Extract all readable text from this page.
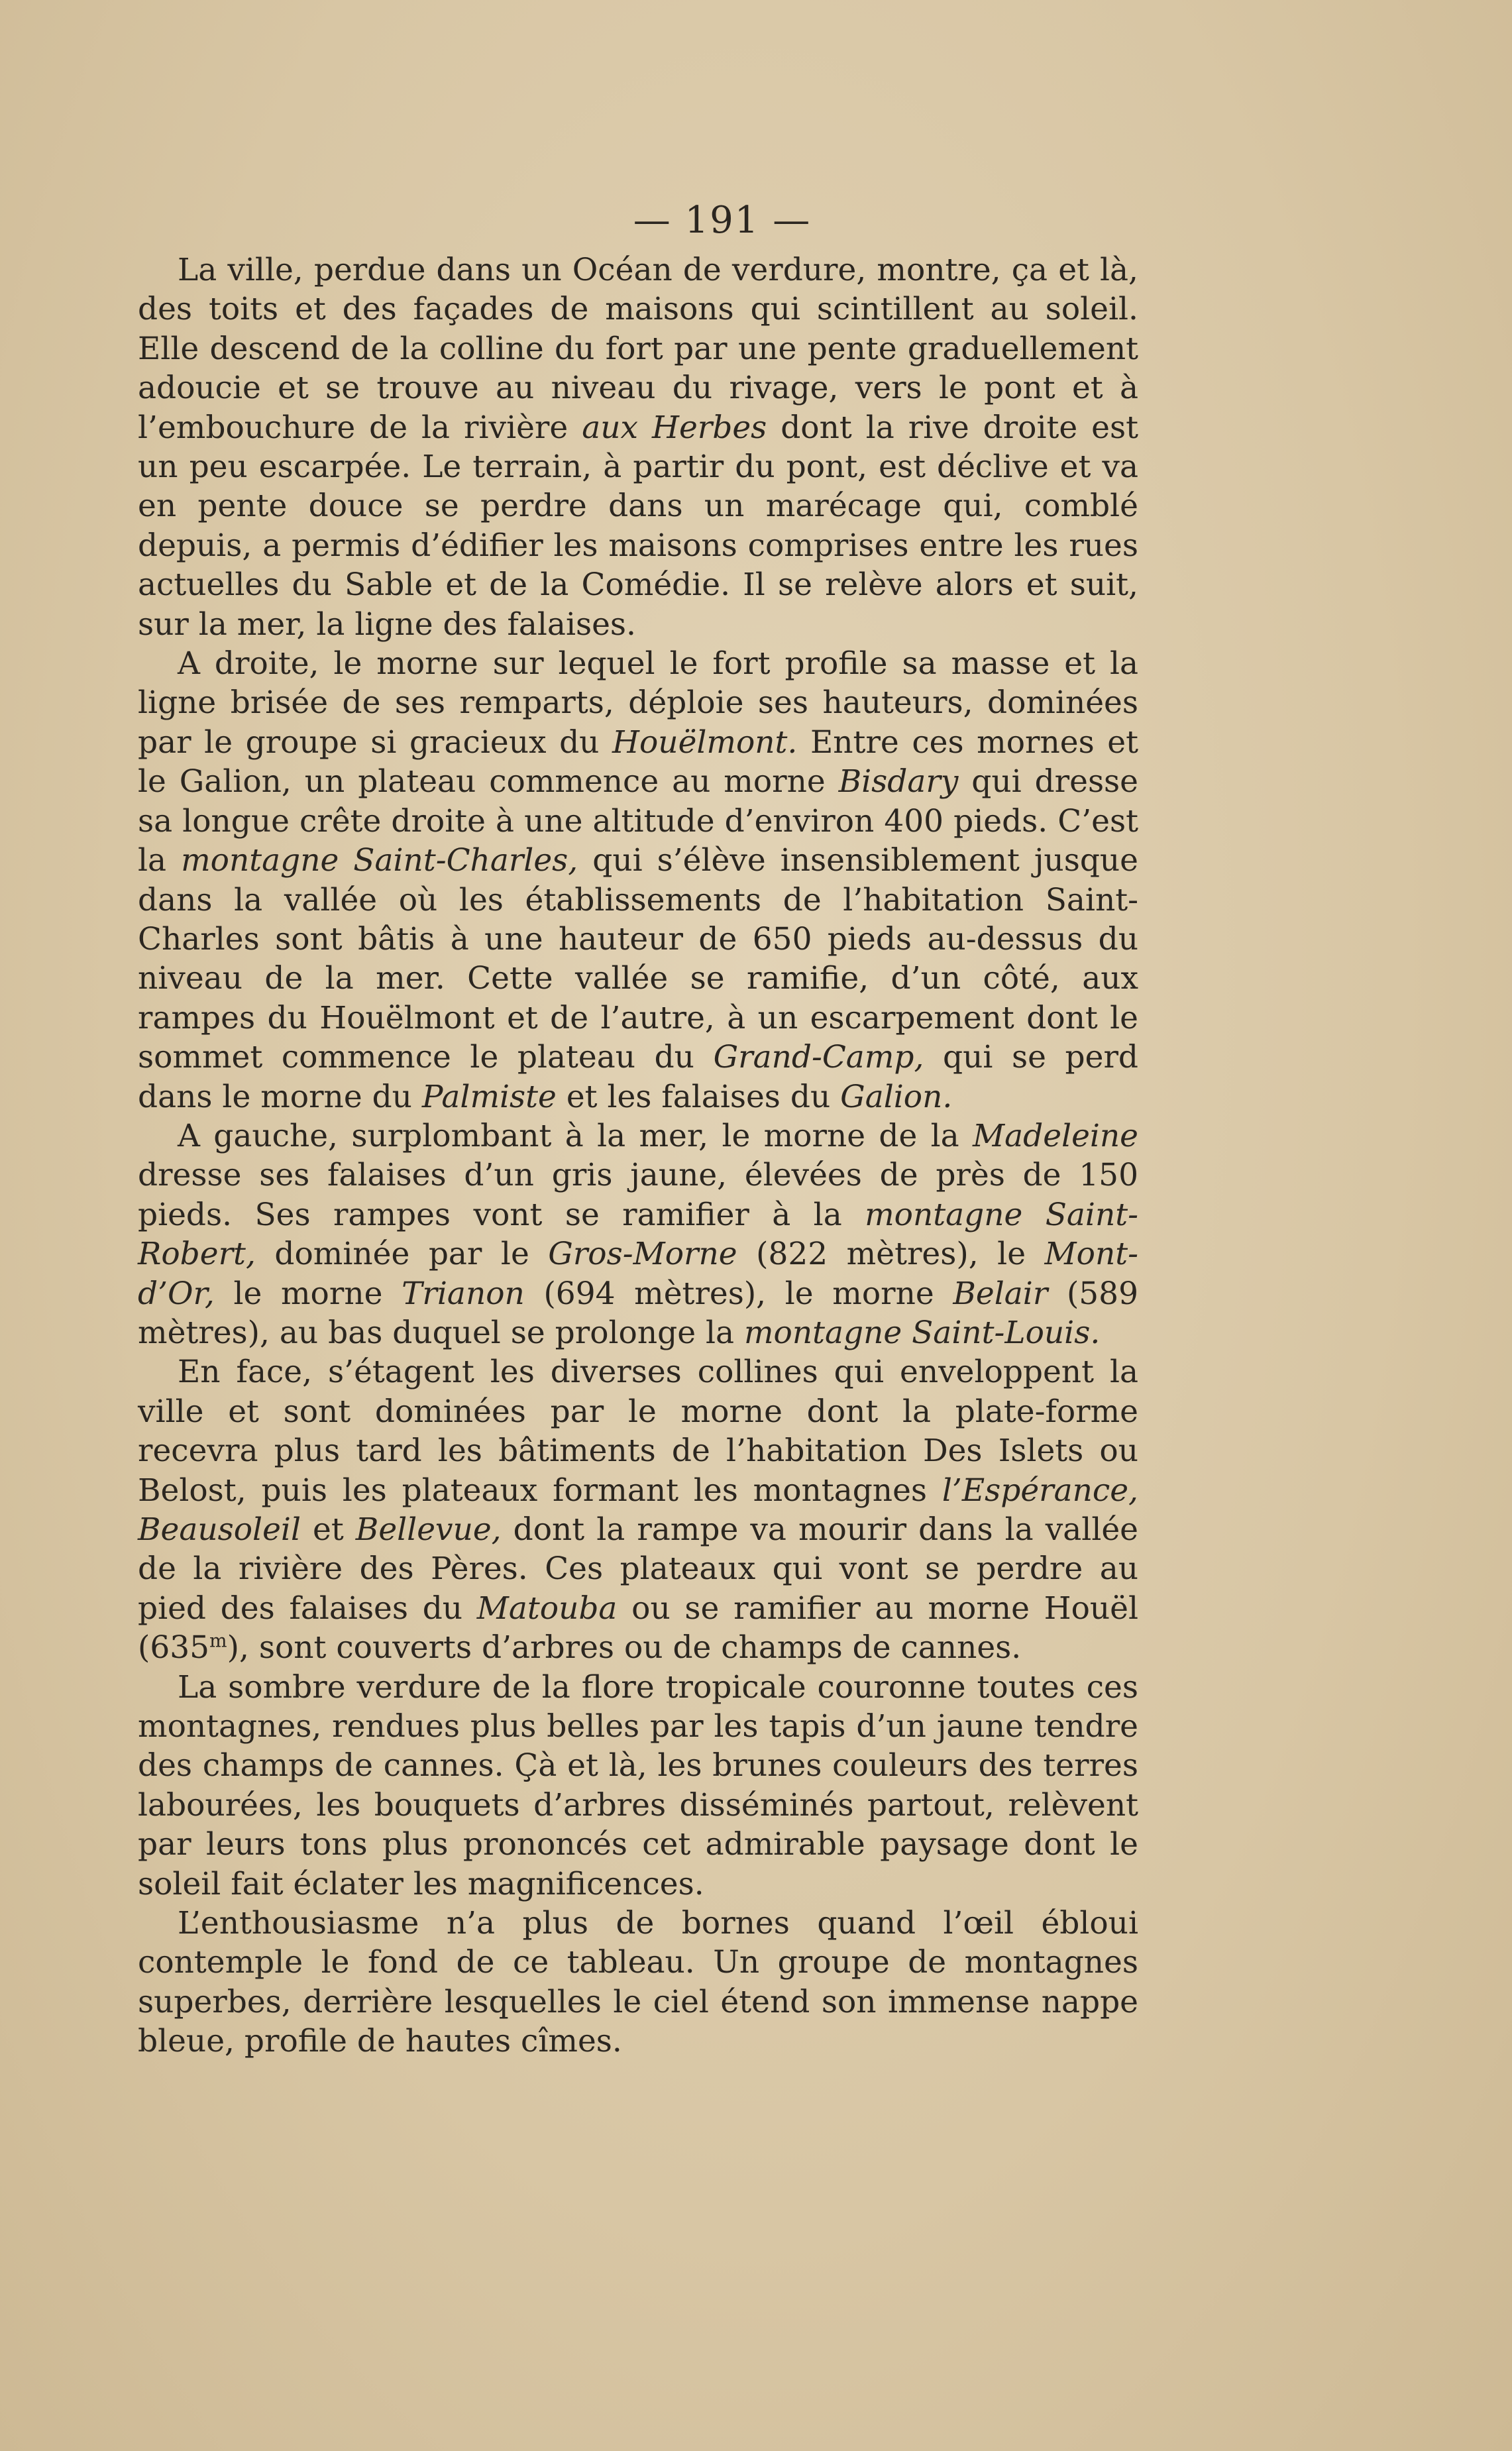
— 191 —

La ville, perdue dans un Océan de verdure, montre, ça et là, des toits et des façades de maisons qui scintillent au soleil. Elle descend de la colline du fort par une pente graduellement adoucie et se trouve au niveau du rivage, vers le pont et à l’embouchure de la rivière aux Herbes dont la rive droite est un peu escarpée. Le terrain, à partir du pont, est déclive et va en pente douce se perdre dans un marécage qui, comblé depuis, a permis d’édifier les maisons comprises entre les rues actuelles du Sable et de la Comédie. Il se relève alors et suit, sur la mer, la ligne des falaises.

A droite, le morne sur lequel le fort profile sa masse et la ligne brisée de ses remparts, déploie ses hauteurs, dominées par le groupe si gracieux du Houëlmont. Entre ces mornes et le Galion, un plateau commence au morne Bisdary qui dresse sa longue crête droite à une altitude d’environ 400 pieds. C’est la montagne Saint-Charles, qui s’élève insensiblement jusque dans la vallée où les établissements de l’habitation Saint-Charles sont bâtis à une hauteur de 650 pieds au-dessus du niveau de la mer. Cette vallée se ramifie, d’un côté, aux rampes du Houëlmont et de l’autre, à un escarpement dont le sommet commence le plateau du Grand-Camp, qui se perd dans le morne du Palmiste et les falaises du Galion.

A gauche, surplombant à la mer, le morne de la Madeleine dresse ses falaises d’un gris jaune, élevées de près de 150 pieds. Ses rampes vont se ramifier à la montagne Saint-Robert, dominée par le Gros-Morne (822 mètres), le Mont-d’Or, le morne Trianon (694 mètres), le morne Belair (589 mètres), au bas duquel se prolonge la montagne Saint-Louis.

En face, s’étagent les diverses collines qui enveloppent la ville et sont dominées par le morne dont la plate-forme recevra plus tard les bâtiments de l’habitation Des Islets ou Belost, puis les plateaux formant les montagnes l’Espérance, Beausoleil et Bellevue, dont la rampe va mourir dans la vallée de la rivière des Pères. Ces plateaux qui vont se perdre au pied des falaises du Matouba ou se ramifier au morne Houël (635$^m$), sont couverts d’arbres ou de champs de cannes.

La sombre verdure de la flore tropicale couronne toutes ces montagnes, rendues plus belles par les tapis d’un jaune tendre des champs de cannes. Çà et là, les brunes couleurs des terres labourées, les bouquets d’arbres disséminés partout, relèvent par leurs tons plus prononcés cet admirable paysage dont le soleil fait éclater les magnificences.

L’enthousiasme n’a plus de bornes quand l’œil ébloui contemple le fond de ce tableau. Un groupe de montagnes superbes, derrière lesquelles le ciel étend son immense nappe bleue, profile de hautes cîmes.
